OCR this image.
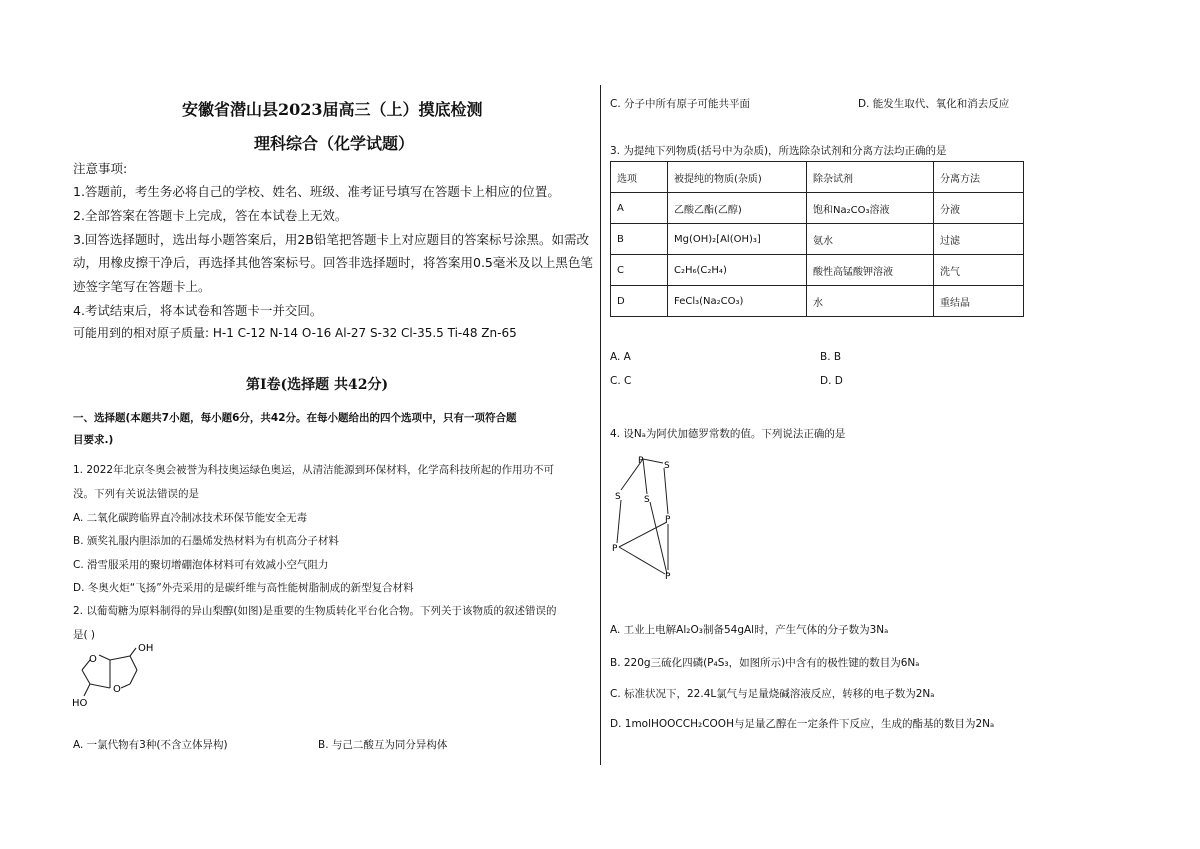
安徽省潜山县2023届高三（上）摸底检测
理科综合（化学试题）
注意事项:
1.答题前，考生务必将自己的学校、姓名、班级、准考证号填写在答题卡上相应的位置。
2.全部答案在答题卡上完成，答在本试卷上无效。
3.回答选择题时，选出每小题答案后，用2B铅笔把答题卡上对应题目的答案标号涂黑。如需改
动，用橡皮擦干净后，再选择其他答案标号。回答非选择题时，将答案用0.5毫米及以上黑色笔
迹签字笔写在答题卡上。
4.考试结束后，将本试卷和答题卡一并交回。
可能用到的相对原子质量: H-1 C-12 N-14 O-16 Al-27 S-32 Cl-35.5 Ti-48 Zn-65
第Ⅰ卷(选择题 共42分)
一、选择题(本题共7小题，每小题6分，共42分。在每小题给出的四个选项中，只有一项符合题
目要求.)
1. 2022年北京冬奥会被誉为科技奥运绿色奥运，从清洁能源到环保材料，化学高科技所起的作用功不可
没。下列有关说法错误的是
A. 二氧化碳跨临界直冷制冰技术环保节能安全无毒
B. 颁奖礼服内胆添加的石墨烯发热材料为有机高分子材料
C. 滑雪服采用的聚切增硼泡体材料可有效减小空气阻力
D. 冬奥火炬“飞扬”外壳采用的是碳纤维与高性能树脂制成的新型复合材料
2. 以葡萄糖为原料制得的异山梨醇(如图)是重要的生物质转化平台化合物。下列关于该物质的叙述错误的
是( )
O
O
OH
HO
A. 一氯代物有3种(不含立体异构)	B. 与己二酸互为同分异构体
C. 分子中所有原子可能共平面	D. 能发生取代、氧化和消去反应
3. 为提纯下列物质(括号中为杂质)，所选除杂试剂和分离方法均正确的是
选项	被提纯的物质(杂质)	除杂试剂	分离方法
A	乙酸乙酯(乙醇)	饱和Na₂CO₃溶液	分液
B	Mg(OH)₂[Al(OH)₃]	氨水	过滤
C	C₂H₆(C₂H₄)	酸性高锰酸钾溶液	洗气
D	FeCl₃(Na₂CO₃)	水	重结晶
A. A	B. B
C. C	D. D
4. 设Nₐ为阿伏加德罗常数的值。下列说法正确的是
P S
S	S
P
P
P
A. 工业上电解Al₂O₃制备54gAl时，产生气体的分子数为3Nₐ
B. 220g三硫化四磷(P₄S₃，如图所示)中含有的极性键的数目为6Nₐ
C. 标准状况下，22.4L氯气与足量烧碱溶液反应，转移的电子数为2Nₐ
D. 1molHOOCCH₂COOH与足量乙醇在一定条件下反应，生成的酯基的数目为2Nₐ
